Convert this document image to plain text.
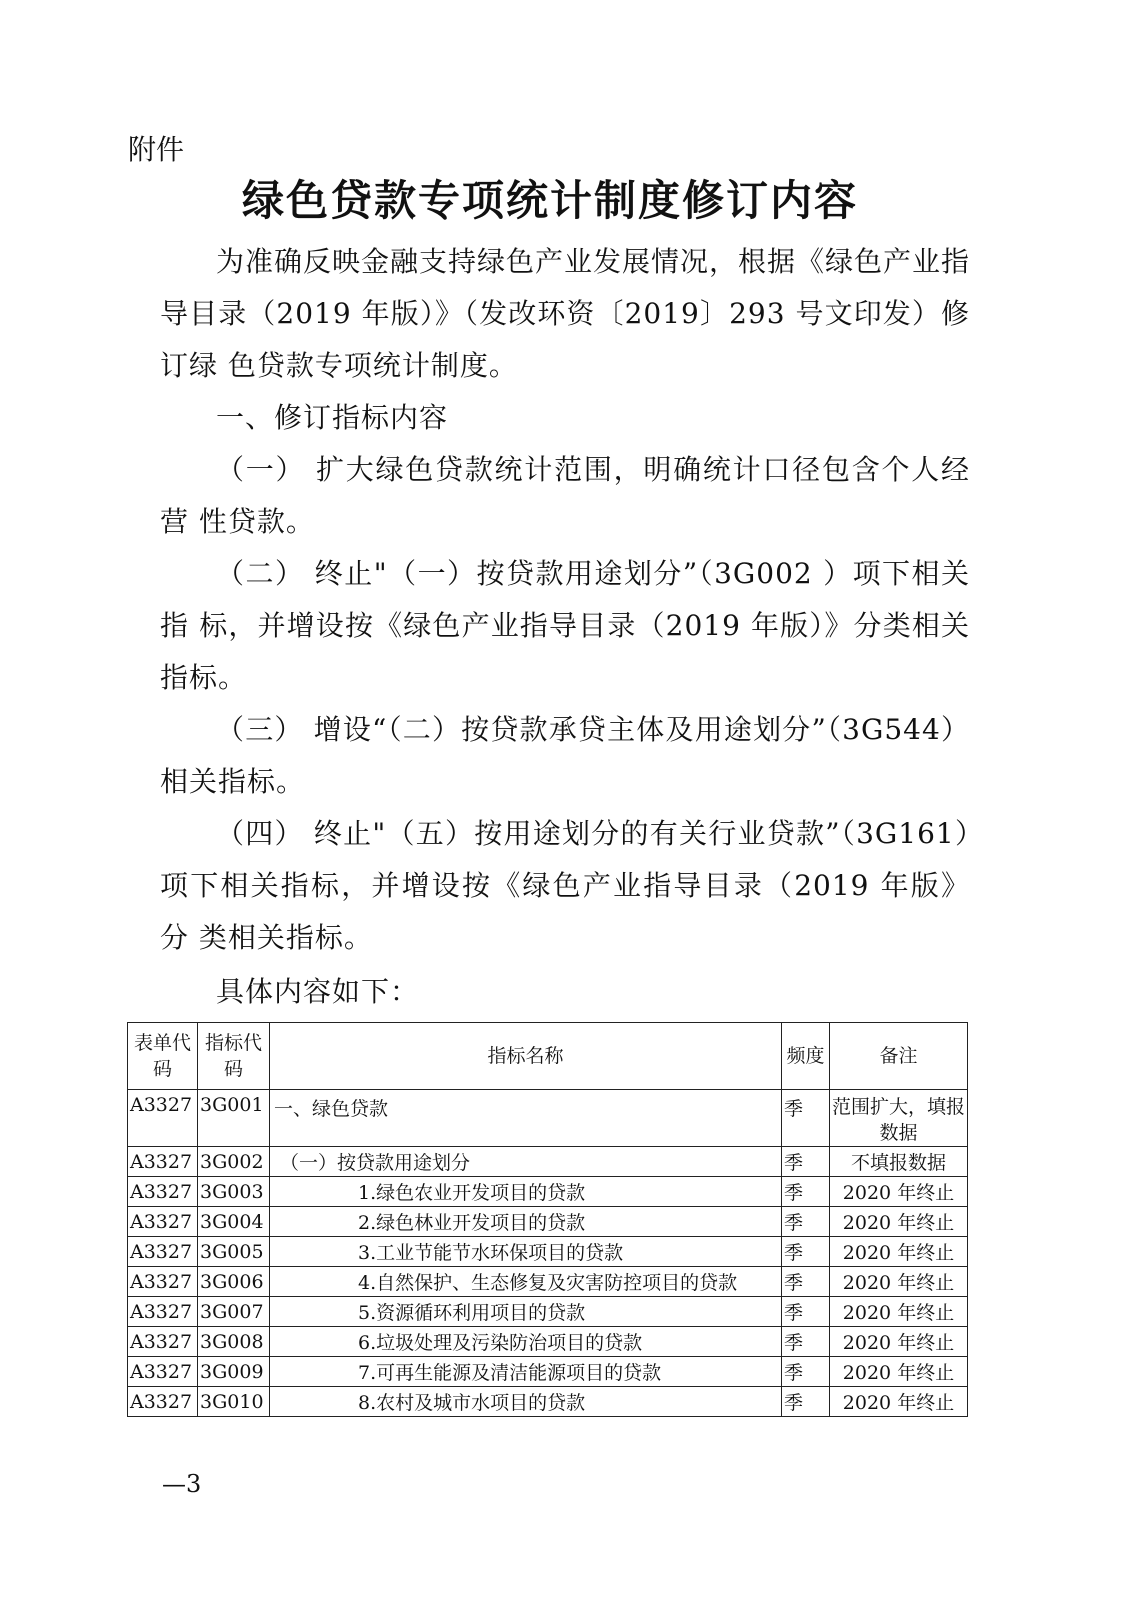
附件
绿色贷款专项统计制度修订内容

为准确反映金融支持绿色产业发展情况，根据《绿色产业指 导目录（2019 年版）》（发改环资〔2019〕293 号文印发）修订绿 色贷款专项统计制度。

一、修订指标内容

（一） 扩大绿色贷款统计范围，明确统计口径包含个人经营 性贷款。

（二） 终止"（一）按贷款用途划分”（3G002 ）项下相关指 标，并增设按《绿色产业指导目录（2019 年版）》分类相关指标。

（三） 增设“（二）按贷款承贷主体及用途划分”（3G544）相关指标。

（四） 终止"（五）按用途划分的有关行业贷款”（3G161）项下相关指标，并增设按《绿色产业指导目录（2019 年版》分 类相关指标。

具体内容如下：
表单代码	指标代码	指标名称	频度	备注
A3327	3G001	一、绿色贷款	季	范围扩大，填报数据
A3327	3G002	（一）按贷款用途划分	季	不填报数据
A3327	3G003	1.绿色农业开发项目的贷款	季	2020 年终止
A3327	3G004	2.绿色林业开发项目的贷款	季	2020 年终止
A3327	3G005	3.工业节能节水环保项目的贷款	季	2020 年终止
A3327	3G006	4.自然保护、生态修复及灾害防控项目的贷款	季	2020 年终止
A3327	3G007	5.资源循环利用项目的贷款	季	2020 年终止
A3327	3G008	6.垃圾处理及污染防治项目的贷款	季	2020 年终止
A3327	3G009	7.可再生能源及清洁能源项目的贷款	季	2020 年终止
A3327	3G010	8.农村及城市水项目的贷款	季	2020 年终止
—3
